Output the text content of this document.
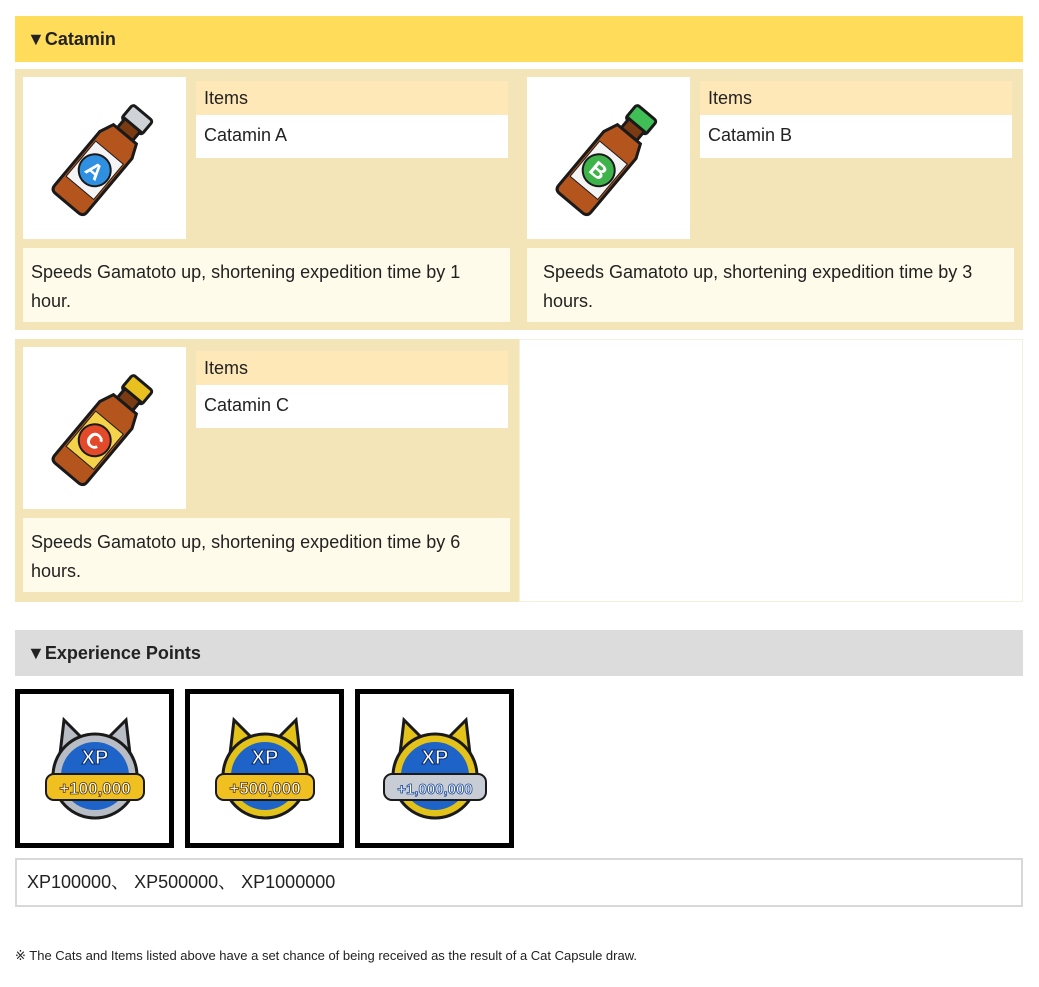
▼Catamin
A
Items
Catamin A
Speeds Gamatoto up, shortening expedition time by 1 hour.
B
Items
Catamin B
Speeds Gamatoto up, shortening expedition time by 3 hours.
C
Items
Catamin C
Speeds Gamatoto up, shortening expedition time by 6 hours.
▼Experience Points
XP
+100,000
XP
+500,000
XP
+1,000,000
XP100000、 XP500000、 XP1000000
※ The Cats and Items listed above have a set chance of being received as the result of a Cat Capsule draw.
